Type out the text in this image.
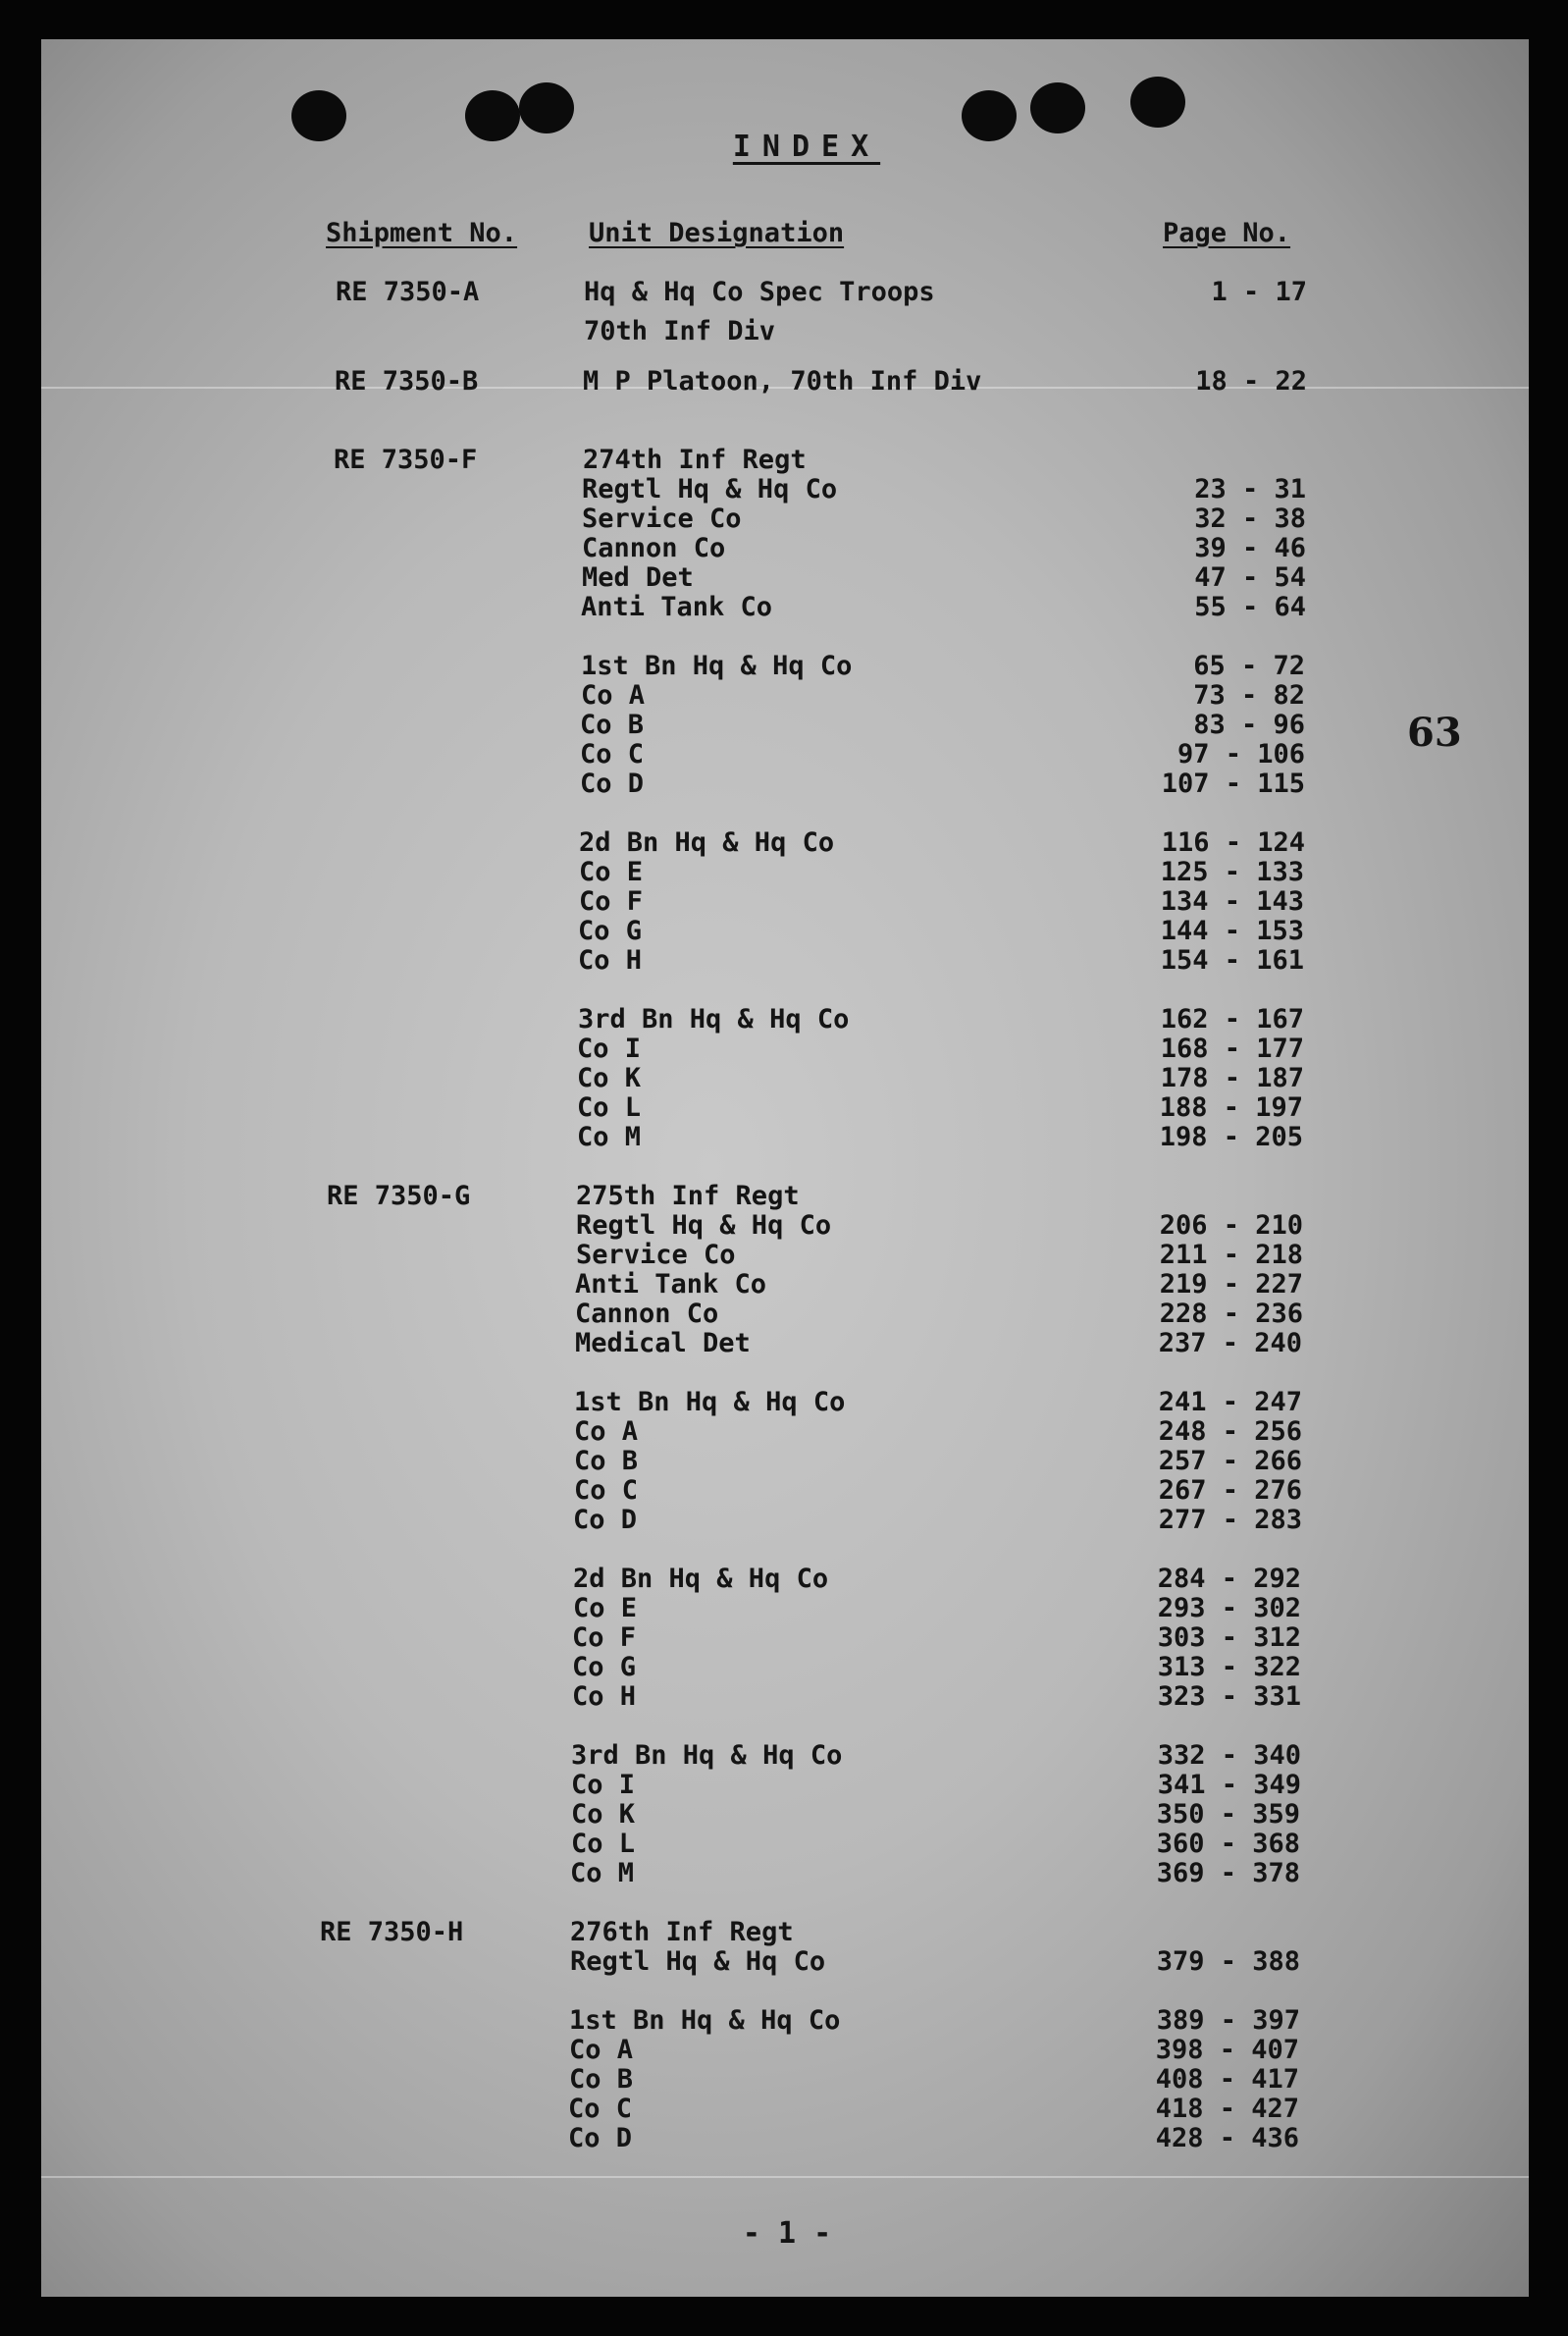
INDEX
Shipment No.	Unit Designation	Page No.
RE 7350-A	Hq & Hq Co Spec Troops	1 - 17
70th Inf Div
RE 7350-B	M P Platoon, 70th Inf Div	18 - 22
RE 7350-F	274th Inf Regt
Regtl Hq & Hq Co	23 - 31
Service Co	32 - 38
Cannon Co	39 - 46
Med Det	47 - 54
Anti Tank Co	55 - 64
1st Bn Hq & Hq Co	65 - 72
Co A	73 - 82
Co B	83 - 96
Co C	97 - 106
Co D	107 - 115
2d Bn Hq & Hq Co	116 - 124
Co E	125 - 133
Co F	134 - 143
Co G	144 - 153
Co H	154 - 161
3rd Bn Hq & Hq Co	162 - 167
Co I	168 - 177
Co K	178 - 187
Co L	188 - 197
Co M	198 - 205
RE 7350-G	275th Inf Regt
Regtl Hq & Hq Co	206 - 210
Service Co	211 - 218
Anti Tank Co	219 - 227
Cannon Co	228 - 236
Medical Det	237 - 240
1st Bn Hq & Hq Co	241 - 247
Co A	248 - 256
Co B	257 - 266
Co C	267 - 276
Co D	277 - 283
2d Bn Hq & Hq Co	284 - 292
Co E	293 - 302
Co F	303 - 312
Co G	313 - 322
Co H	323 - 331
3rd Bn Hq & Hq Co	332 - 340
Co I	341 - 349
Co K	350 - 359
Co L	360 - 368
Co M	369 - 378
RE 7350-H	276th Inf Regt
Regtl Hq & Hq Co	379 - 388
1st Bn Hq & Hq Co	389 - 397
Co A	398 - 407
Co B	408 - 417
Co C	418 - 427
Co D	428 - 436
63
- 1 -
